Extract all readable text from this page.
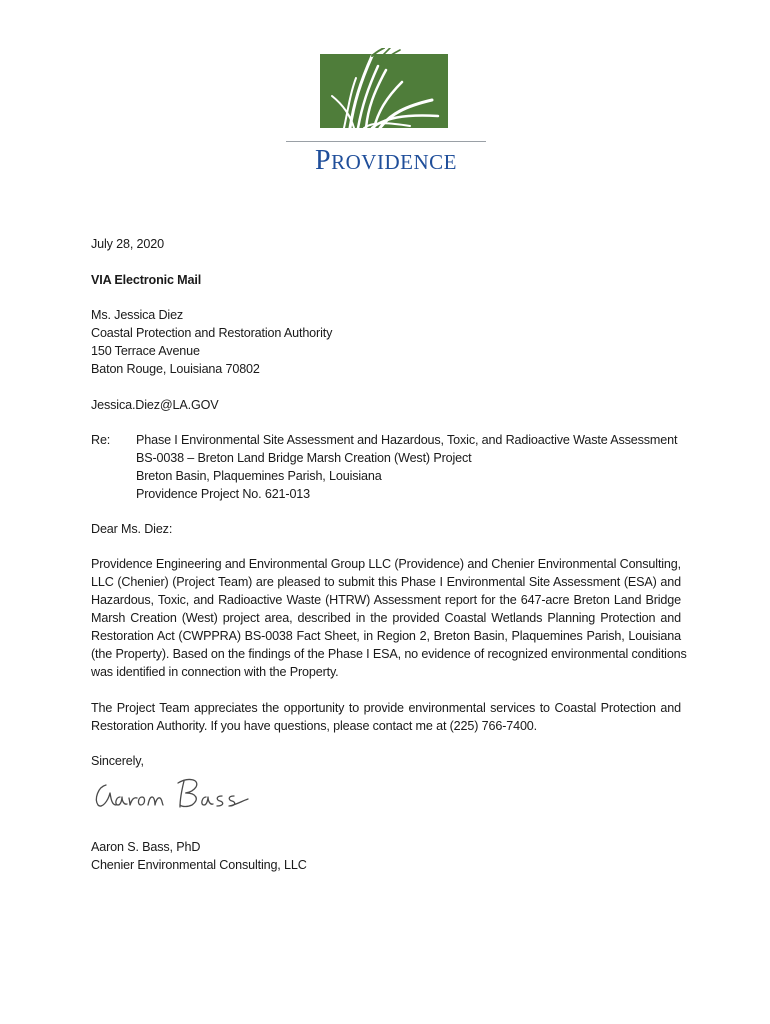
PROVIDENCE
July 28, 2020
VIA Electronic Mail
Ms. Jessica Diez
Coastal Protection and Restoration Authority
150 Terrace Avenue
Baton Rouge, Louisiana 70802
Jessica.Diez@LA.GOV
Re: Phase I Environmental Site Assessment and Hazardous, Toxic, and Radioactive Waste Assessment
BS-0038 – Breton Land Bridge Marsh Creation (West) Project
Breton Basin, Plaquemines Parish, Louisiana
Providence Project No. 621-013
Dear Ms. Diez:
Providence Engineering and Environmental Group LLC (Providence) and Chenier Environmental Consulting,
LLC (Chenier) (Project Team) are pleased to submit this Phase I Environmental Site Assessment (ESA) and
Hazardous, Toxic, and Radioactive Waste (HTRW) Assessment report for the 647-acre Breton Land Bridge
Marsh Creation (West) project area, described in the provided Coastal Wetlands Planning Protection and
Restoration Act (CWPPRA) BS-0038 Fact Sheet, in Region 2, Breton Basin, Plaquemines Parish, Louisiana
(the Property). Based on the findings of the Phase I ESA, no evidence of recognized environmental conditions
was identified in connection with the Property.
The Project Team appreciates the opportunity to provide environmental services to Coastal Protection and
Restoration Authority. If you have questions, please contact me at (225) 766-7400.
Sincerely,
Aaron S. Bass, PhD
Chenier Environmental Consulting, LLC
